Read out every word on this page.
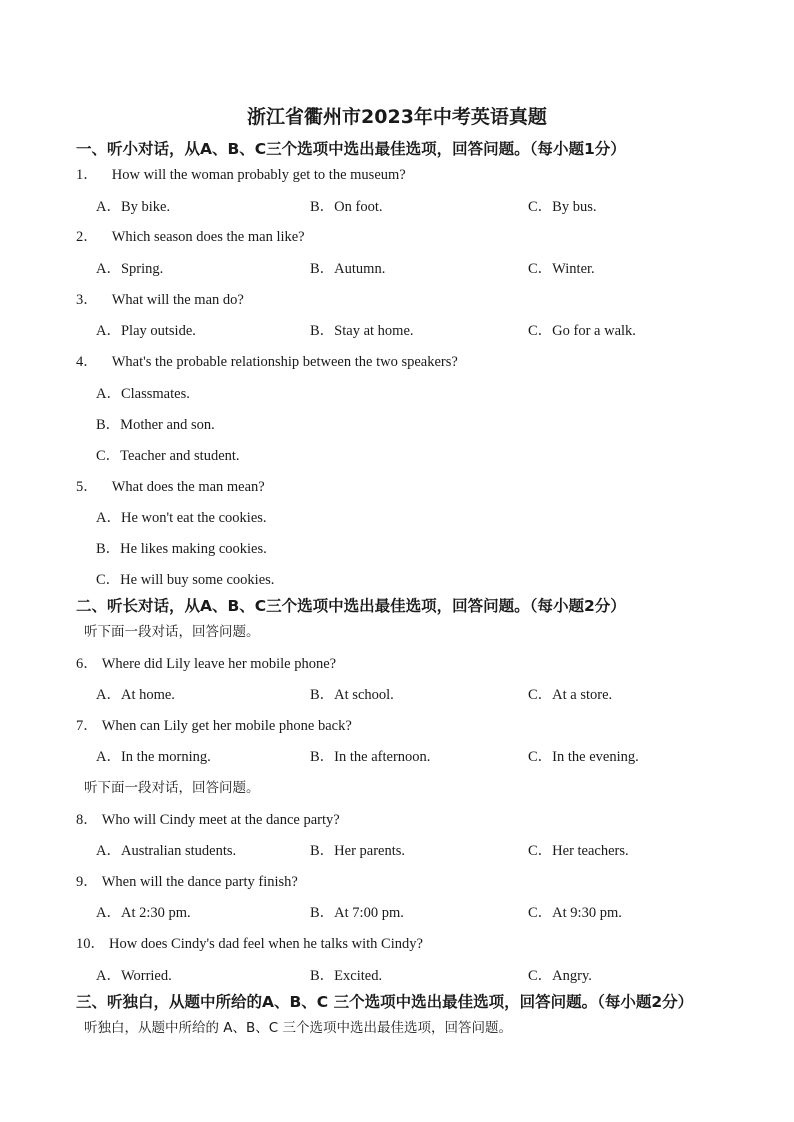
浙江省衢州市2023年中考英语真题
一、听小对话，从A、B、C三个选项中选出最佳选项，回答问题。（每小题1分）
1． How will the woman probably get to the museum?
A．By bike.	B．On foot.	C．By bus.
2． Which season does the man like?
A．Spring.	B．Autumn.	C．Winter.
3． What will the man do?
A．Play outside.	B．Stay at home.	C．Go for a walk.
4． What's the probable relationship between the two speakers?
A．Classmates.
B．Mother and son.
C．Teacher and student.
5． What does the man mean?
A．He won't eat the cookies.
B．He likes making cookies.
C．He will buy some cookies.
二、听长对话，从A、B、C三个选项中选出最佳选项，回答问题。（每小题2分）
听下面一段对话，回答问题。
6． Where did Lily leave her mobile phone?
A．At home.	B．At school.	C．At a store.
7． When can Lily get her mobile phone back?
A．In the morning.	B．In the afternoon.	C．In the evening.
听下面一段对话，回答问题。
8． Who will Cindy meet at the dance party?
A．Australian students.	B．Her parents.	C．Her teachers.
9． When will the dance party finish?
A．At 2:30 pm.	B．At 7:00 pm.	C．At 9:30 pm.
10． How does Cindy's dad feel when he talks with Cindy?
A．Worried.	B．Excited.	C．Angry.
三、听独白，从题中所给的A、B、C 三个选项中选出最佳选项，回答问题。（每小题2分）
听独白，从题中所给的 A、B、C 三个选项中选出最佳选项，回答问题。
